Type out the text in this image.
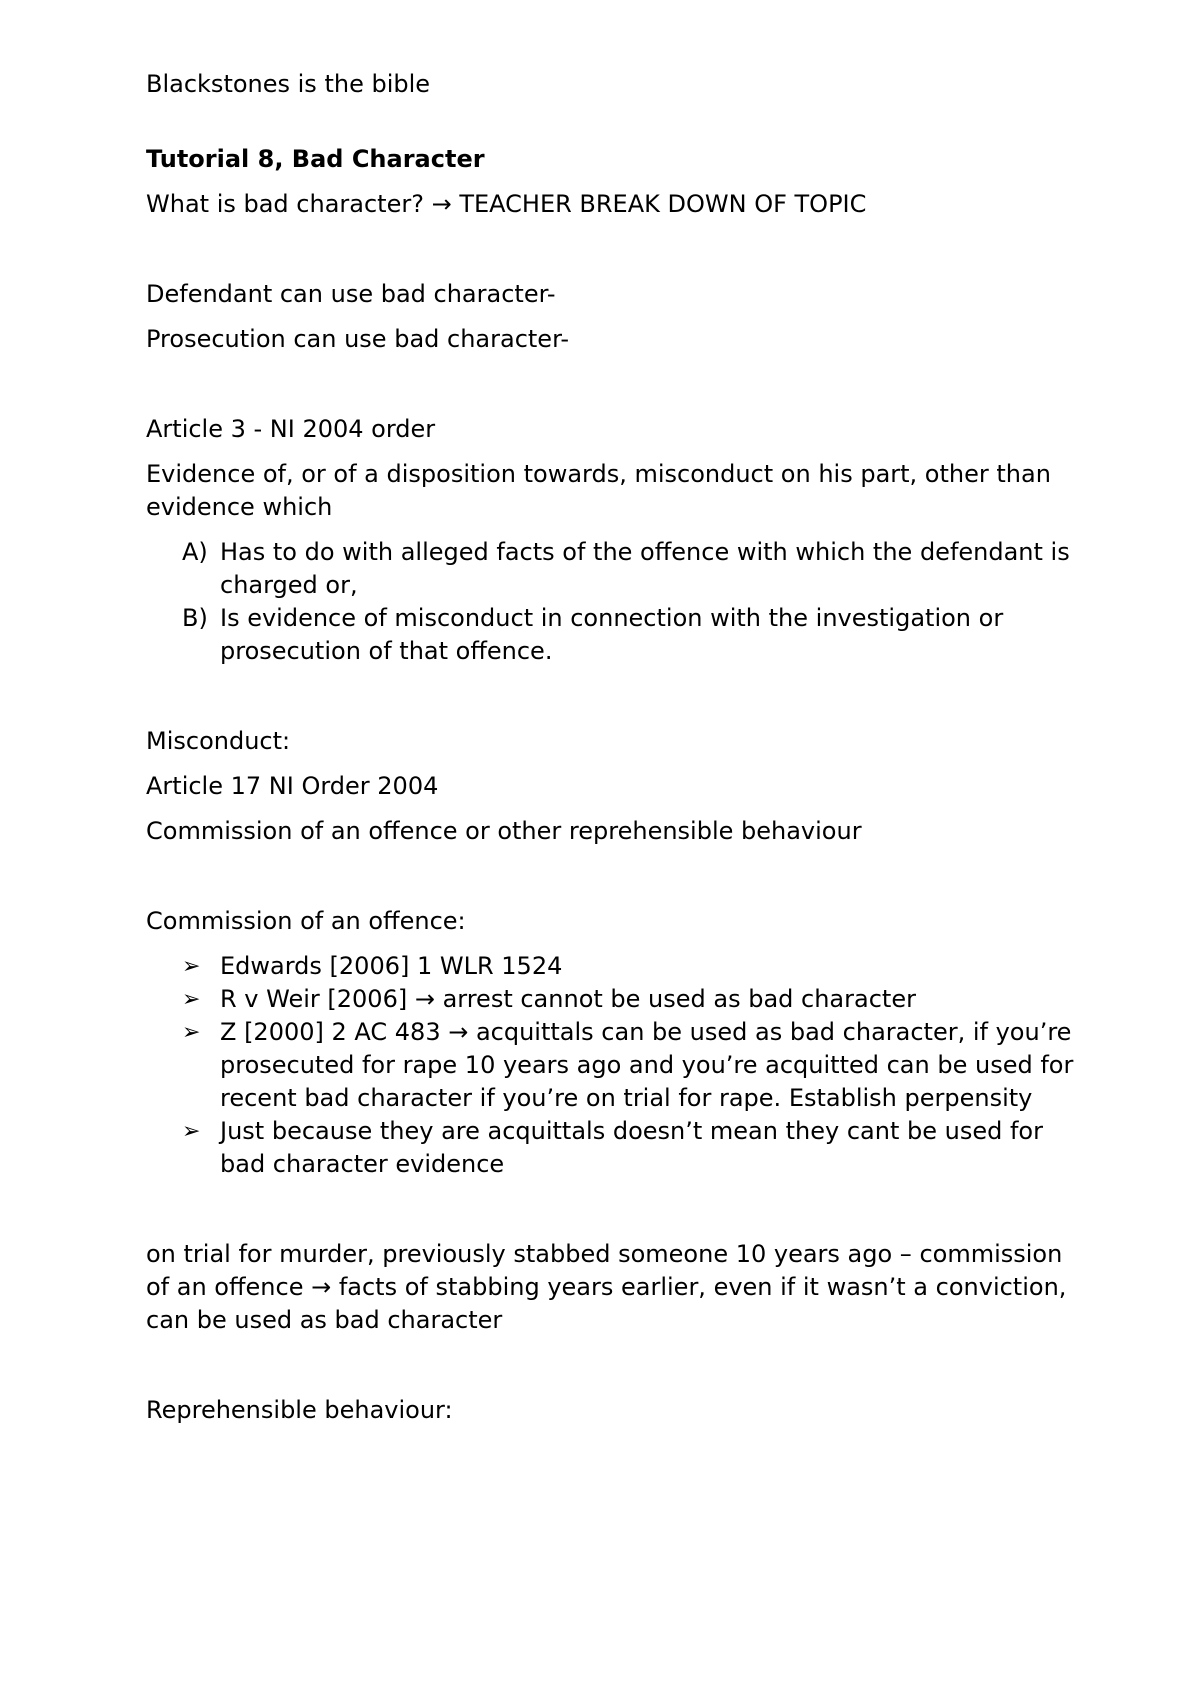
Blackstones is the bible

Tutorial 8, Bad Character

What is bad character? → TEACHER BREAK DOWN OF TOPIC

Defendant can use bad character-

Prosecution can use bad character-

Article 3 - NI 2004 order

Evidence of, or of a disposition towards, misconduct on his part, other than evidence which

A) Has to do with alleged facts of the offence with which the defendant is charged or,
B) Is evidence of misconduct in connection with the investigation or prosecution of that offence.

Misconduct:

Article 17 NI Order 2004

Commission of an offence or other reprehensible behaviour

Commission of an offence:

➢ Edwards [2006] 1 WLR 1524
➢ R v Weir [2006] → arrest cannot be used as bad character
➢ Z [2000] 2 AC 483 → acquittals can be used as bad character, if you’re prosecuted for rape 10 years ago and you’re acquitted can be used for recent bad character if you’re on trial for rape. Establish perpensity
➢ Just because they are acquittals doesn’t mean they cant be used for bad character evidence

on trial for murder, previously stabbed someone 10 years ago – commission of an offence → facts of stabbing years earlier, even if it wasn’t a conviction, can be used as bad character

Reprehensible behaviour:
